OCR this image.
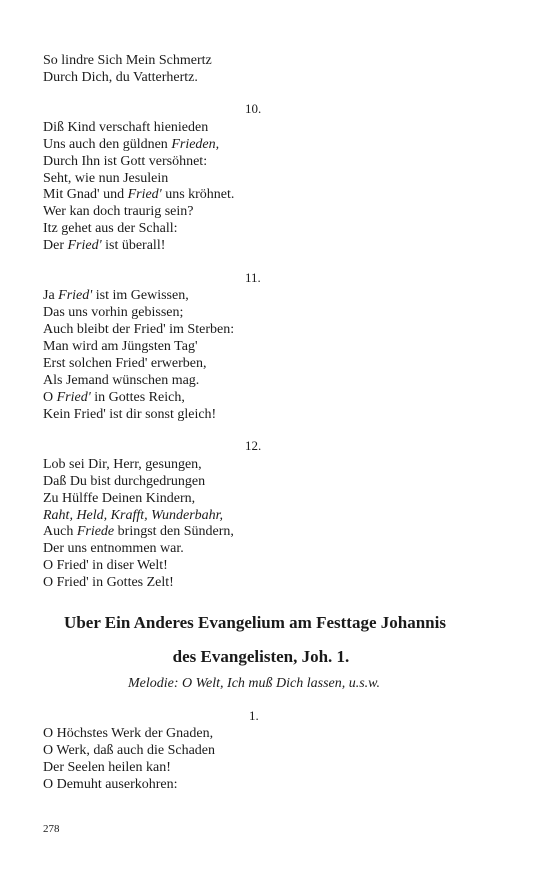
So lindre Sich Mein Schmertz
Durch Dich, du Vatterhertz.
10.
Diß Kind verschaft hienieden
Uns auch den güldnen Frieden,
Durch Ihn ist Gott versöhnet:
Seht, wie nun Jesulein
Mit Gnad' und Fried' uns kröhnet.
Wer kan doch traurig sein?
Itz gehet aus der Schall:
Der Fried' ist überall!
11.
Ja Fried' ist im Gewissen,
Das uns vorhin gebissen;
Auch bleibt der Fried' im Sterben:
Man wird am Jüngsten Tag'
Erst solchen Fried' erwerben,
Als Jemand wünschen mag.
O Fried' in Gottes Reich,
Kein Fried' ist dir sonst gleich!
12.
Lob sei Dir, Herr, gesungen,
Daß Du bist durchgedrungen
Zu Hülffe Deinen Kindern,
Raht, Held, Krafft, Wunderbahr,
Auch Friede bringst den Sündern,
Der uns entnommen war.
O Fried' in diser Welt!
O Fried' in Gottes Zelt!
Uber Ein Anderes Evangelium am Festtage Johannis
des Evangelisten, Joh. 1.
Melodie: O Welt, Ich muß Dich lassen, u.s.w.
1.
O Höchstes Werk der Gnaden,
O Werk, daß auch die Schaden
Der Seelen heilen kan!
O Demuht auserkohren:
278
